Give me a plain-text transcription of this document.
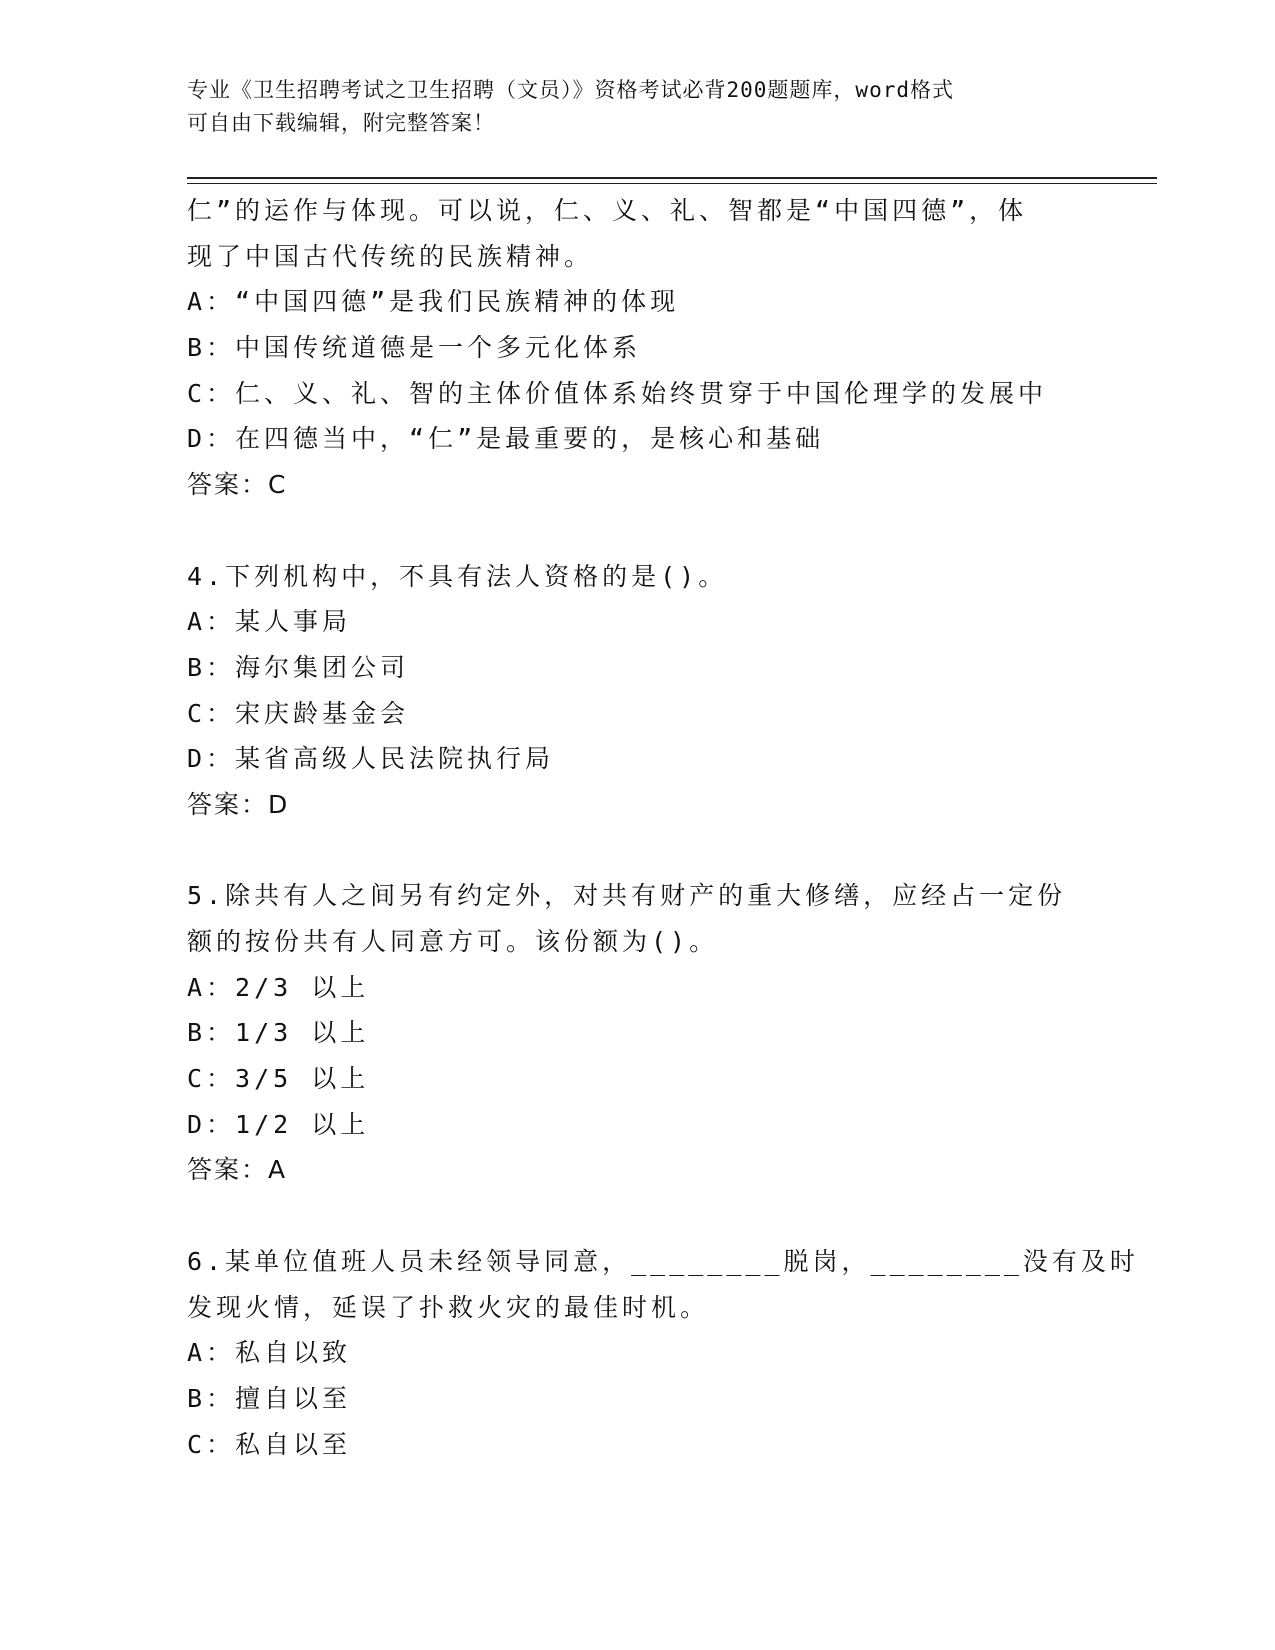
专业《卫生招聘考试之卫生招聘（文员）》资格考试必背200题题库，word格式
可自由下载编辑，附完整答案！
仁”的运作与体现。可以说，仁、义、礼、智都是“中国四德”，体
现了中国古代传统的民族精神。
A：“中国四德”是我们民族精神的体现
B：中国传统道德是一个多元化体系
C：仁、义、礼、智的主体价值体系始终贯穿于中国伦理学的发展中
D：在四德当中，“仁”是最重要的，是核心和基础
答案：C
4.下列机构中，不具有法人资格的是()。
A：某人事局
B：海尔集团公司
C：宋庆龄基金会
D：某省高级人民法院执行局
答案：D
5.除共有人之间另有约定外，对共有财产的重大修缮，应经占一定份
额的按份共有人同意方可。该份额为()。
A：2/3 以上
B：1/3 以上
C：3/5 以上
D：1/2 以上
答案：A
6.某单位值班人员未经领导同意，________脱岗，________没有及时
发现火情，延误了扑救火灾的最佳时机。
A：私自以致
B：擅自以至
C：私自以至
